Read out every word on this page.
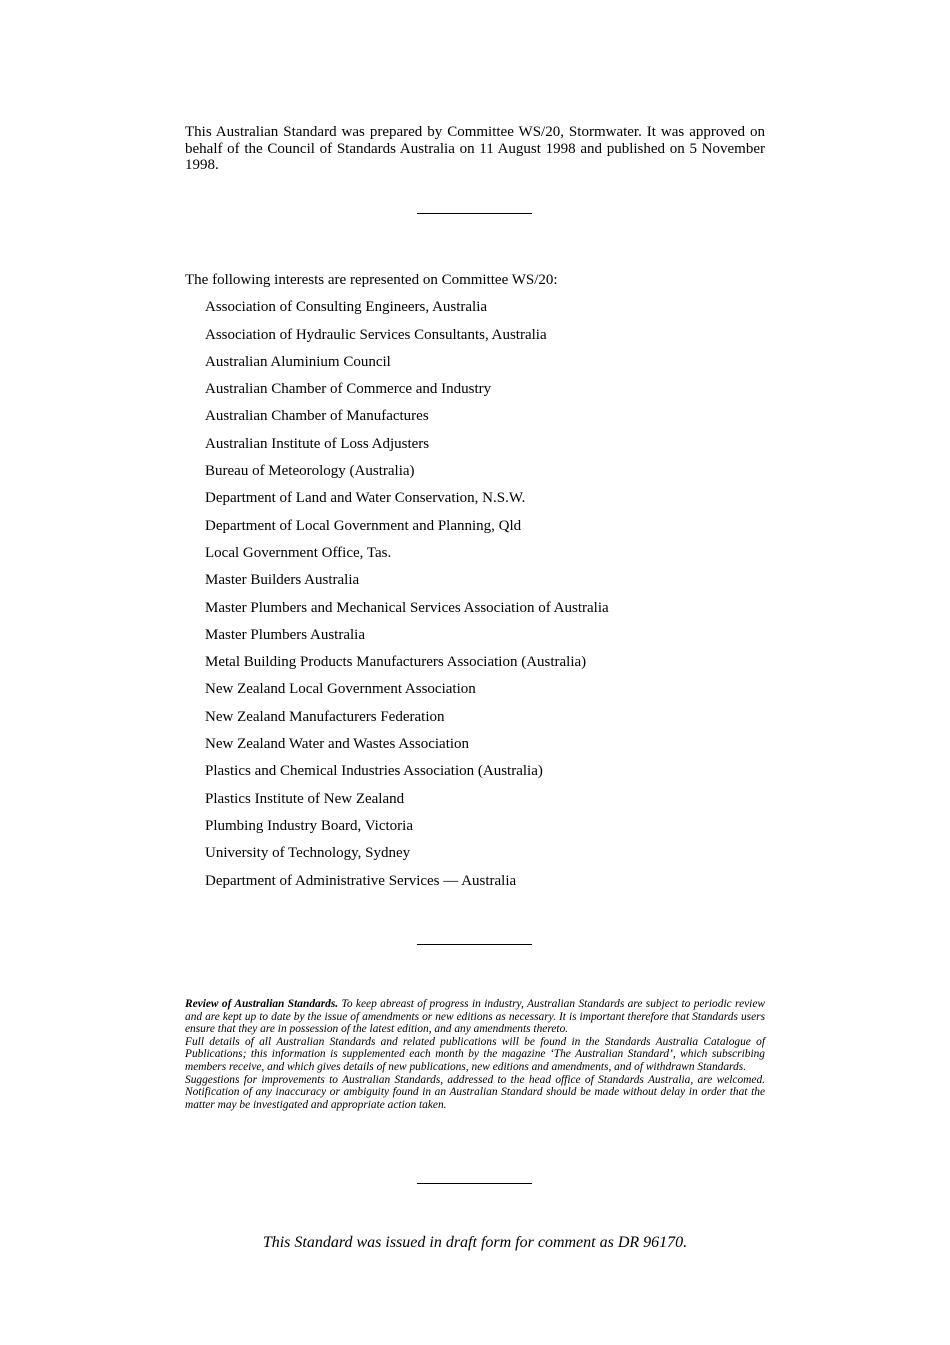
This Australian Standard was prepared by Committee WS/20, Stormwater. It was approved on behalf of the Council of Standards Australia on 11 August 1998 and published on 5 November 1998.

The following interests are represented on Committee WS/20:

Association of Consulting Engineers, Australia
Association of Hydraulic Services Consultants, Australia
Australian Aluminium Council
Australian Chamber of Commerce and Industry
Australian Chamber of Manufactures
Australian Institute of Loss Adjusters
Bureau of Meteorology (Australia)
Department of Land and Water Conservation, N.S.W.
Department of Local Government and Planning, Qld
Local Government Office, Tas.
Master Builders Australia
Master Plumbers and Mechanical Services Association of Australia
Master Plumbers Australia
Metal Building Products Manufacturers Association (Australia)
New Zealand Local Government Association
New Zealand Manufacturers Federation
New Zealand Water and Wastes Association
Plastics and Chemical Industries Association (Australia)
Plastics Institute of New Zealand
Plumbing Industry Board, Victoria
University of Technology, Sydney
Department of Administrative Services — Australia

Review of Australian Standards. To keep abreast of progress in industry, Australian Standards are subject to periodic review and are kept up to date by the issue of amendments or new editions as necessary. It is important therefore that Standards users ensure that they are in possession of the latest edition, and any amendments thereto.

Full details of all Australian Standards and related publications will be found in the Standards Australia Catalogue of Publications; this information is supplemented each month by the magazine ‘The Australian Standard’, which subscribing members receive, and which gives details of new publications, new editions and amendments, and of withdrawn Standards.

Suggestions for improvements to Australian Standards, addressed to the head office of Standards Australia, are welcomed. Notification of any inaccuracy or ambiguity found in an Australian Standard should be made without delay in order that the matter may be investigated and appropriate action taken.

This Standard was issued in draft form for comment as DR 96170.
